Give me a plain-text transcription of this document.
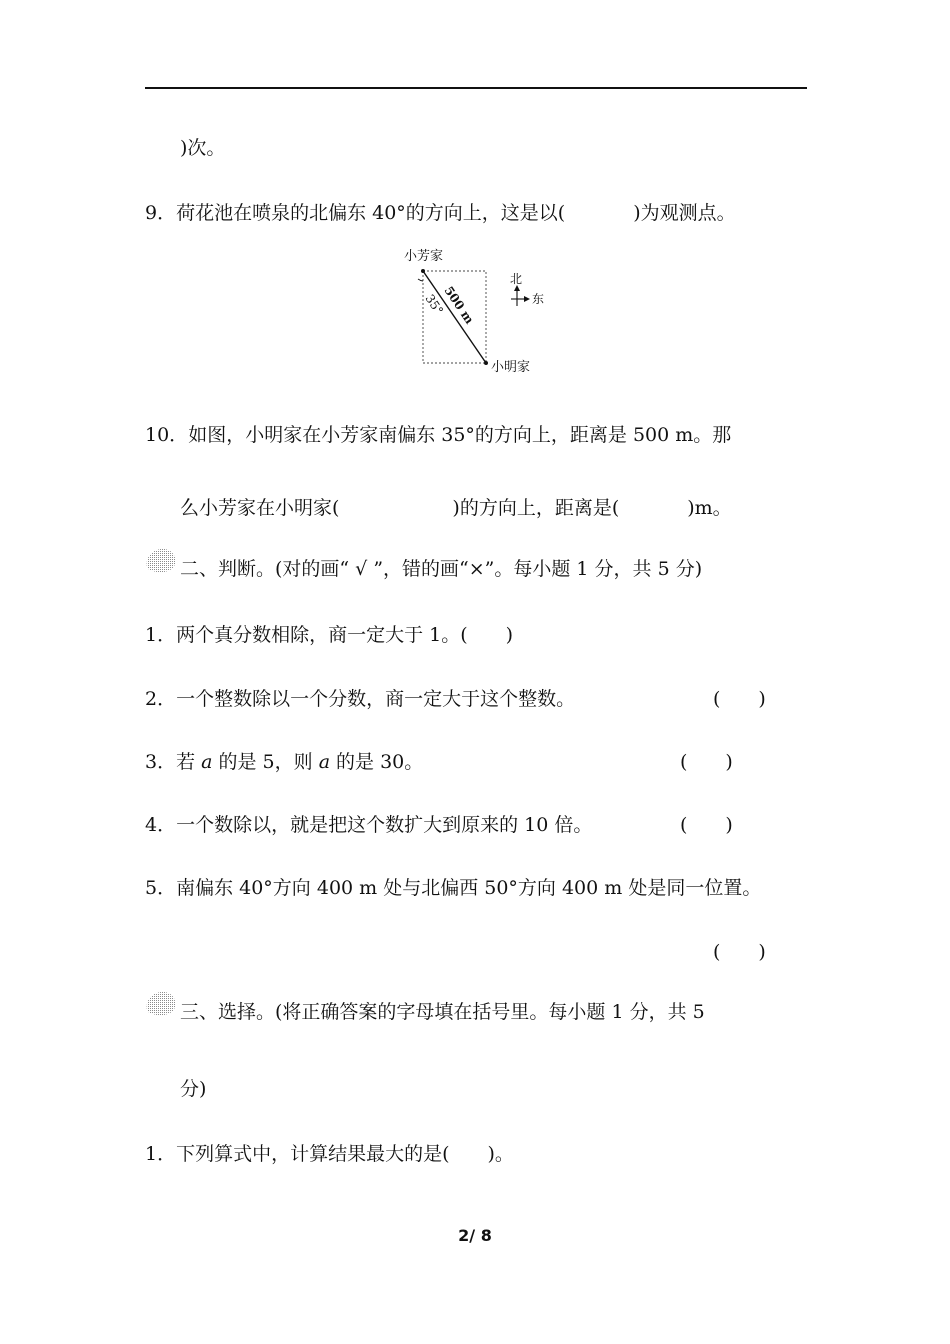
)次。
9．荷花池在喷泉的北偏东 40°的方向上，这是以(	)为观测点。
小芳家
小明家
35°
500 m
北
东
10．如图，小明家在小芳家南偏东 35°的方向上，距离是 500 m。那
么小芳家在小明家(	)的方向上，距离是(	)m。
二、判断。(对的画“ √ ”，错的画“×”。每小题 1 分，共 5 分)
1．两个真分数相除，商一定大于 1。( )
2．一个整数除以一个分数，商一定大于这个整数。	( )
3．若 a 的是 5，则 a 的是 30。	( )
4．一个数除以，就是把这个数扩大到原来的 10 倍。	( )
5．南偏东 40°方向 400 m 处与北偏西 50°方向 400 m 处是同一位置。
( )
三、选择。(将正确答案的字母填在括号里。每小题 1 分，共 5
分)
1．下列算式中，计算结果最大的是( )。
2/ 8
